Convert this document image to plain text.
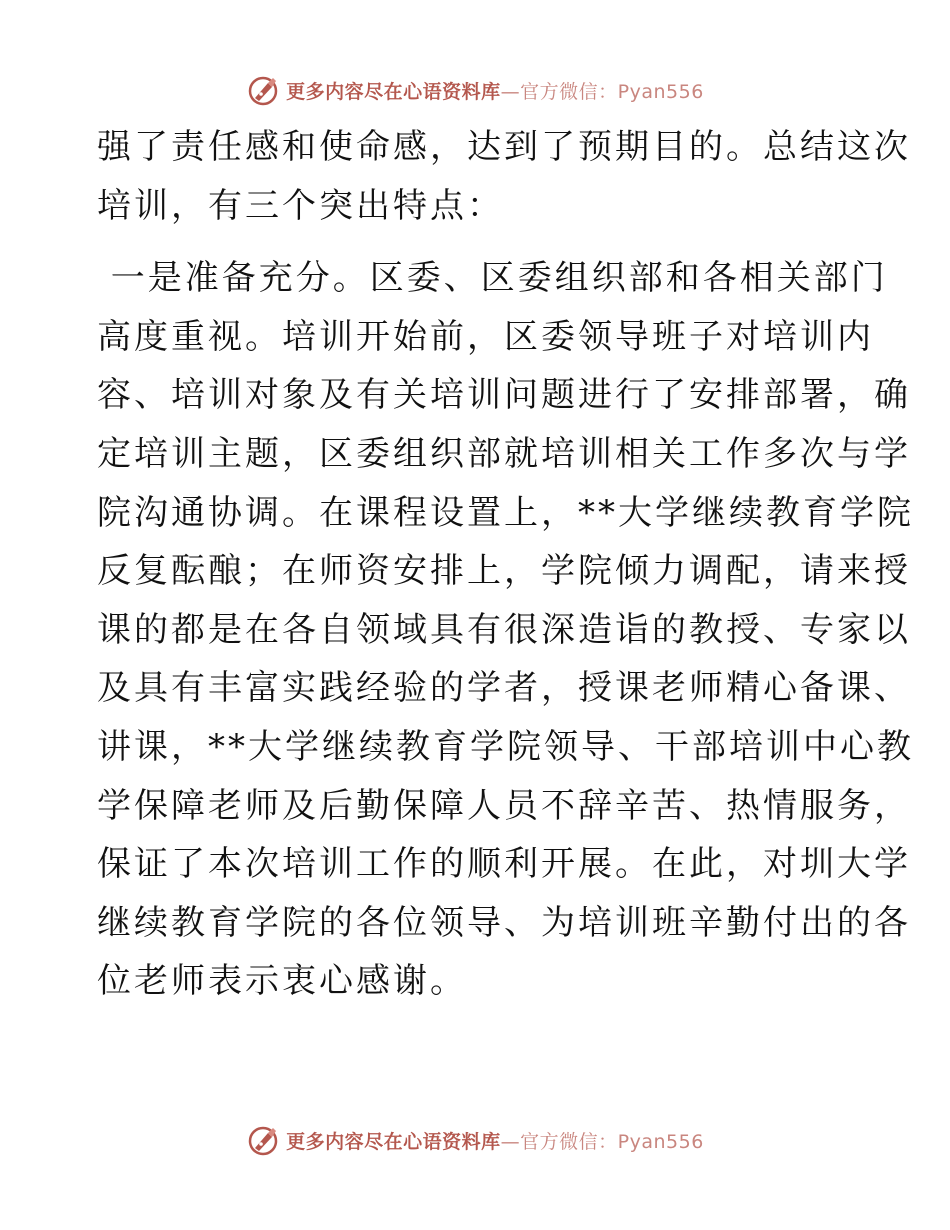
更多内容尽在心语资料库—官方微信：Pyan556
强了责任感和使命感，达到了预期目的。总结这次
培训，有三个突出特点：
一是准备充分。区委、区委组织部和各相关部门
高度重视。培训开始前，区委领导班子对培训内
容、培训对象及有关培训问题进行了安排部署，确
定培训主题，区委组织部就培训相关工作多次与学
院沟通协调。在课程设置上，**大学继续教育学院
反复酝酿；在师资安排上，学院倾力调配，请来授
课的都是在各自领域具有很深造诣的教授、专家以
及具有丰富实践经验的学者，授课老师精心备课、
讲课，**大学继续教育学院领导、干部培训中心教
学保障老师及后勤保障人员不辞辛苦、热情服务，
保证了本次培训工作的顺利开展。在此，对圳大学
继续教育学院的各位领导、为培训班辛勤付出的各
位老师表示衷心感谢。
更多内容尽在心语资料库—官方微信：Pyan556
